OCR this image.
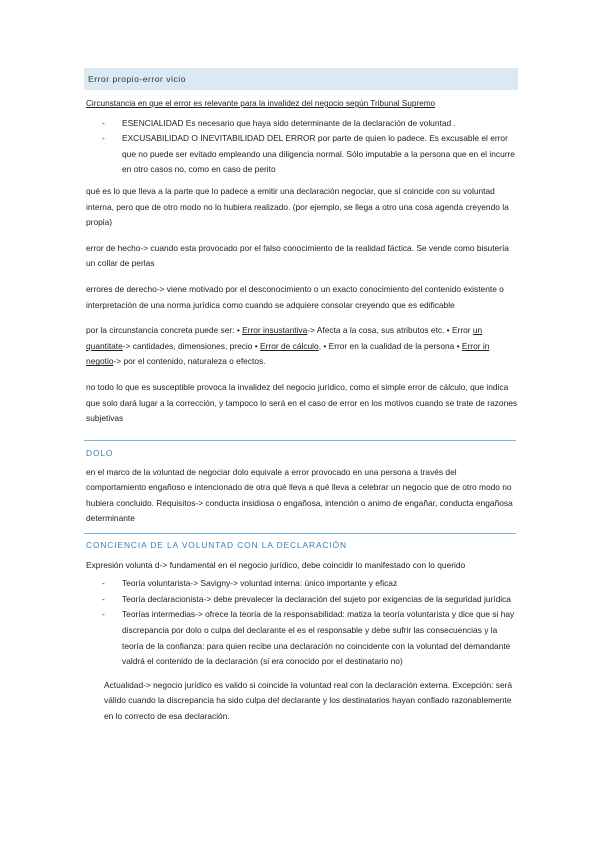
Error propio-error vicio
Circunstancia en que el error es relevante para la invalidez del negocio según Tribunal Supremo
- ESENCIALIDAD Es necesario que haya sido determinante de la declaración de voluntad .
- EXCUSABILIDAD O INEVITABILIDAD DEL ERROR por parte de quien lo padece. Es excusable el error que no puede ser evitado empleando una diligencia normal. Sólo imputable a la persona que en el incurre en otro casos no, como en caso de perito

qué es lo que lleva a la parte que lo padece a emitir una declaración negociar, que sí coincide con su voluntad interna, pero que de otro modo no lo hubiera realizado. (por ejemplo, se llega a otro una cosa agenda creyendo la propia)

error de hecho-> cuando esta provocado por el falso conocimiento de la realidad fáctica. Se vende como bisutería un collar de perlas

errores de derecho-> viene motivado por el desconocimiento o un exacto conocimiento del contenido existente o interpretación de una norma jurídica como cuando se adquiere consolar creyendo que es edificable

por la circunstancia concreta puede ser: • Error insustantiva-> Afecta a la cosa, sus atributos etc. • Error un quantitate-> cantidades, dimensiones, precio • Error de cálculo, • Error en la cualidad de la persona • Error in negotio-> por el contenido, naturaleza o efectos.

no todo lo que es susceptible provoca la invalidez del negocio jurídico, como el simple error de cálculo, que indica que solo dará lugar a la corrección, y tampoco lo será en el caso de error en los motivos cuando se trate de razones subjetivas

DOLO

en el marco de la voluntad de negociar dolo equivale a error provocado en una persona a través del comportamiento engañoso e intencionado de otra qué lleva a qué lleva a celebrar un negocio que de otro modo no hubiera concluido. Requisitos-> conducta insidiosa o engañosa, intención o animo de engañar, conducta engañosa determinante

CONCIENCIA DE LA VOLUNTAD CON LA DECLARACIÓN

Expresión volunta d-> fundamental en el negocio jurídico, debe coincidir lo manifestado con lo querido

- Teoría voluntarista-> Savigny-> voluntad interna: único importante y eficaz
- Teoría declaracionista-> debe prevalecer la declaración del sujeto por exigencias de la seguridad jurídica
- Teorías intermedias-> ofrece la teoría de la responsabilidad: matiza la teoría voluntarista y dice que si hay discrepancia por dolo o culpa del declarante el es el responsable y debe sufrir las consecuencias y la teoría de la confianza: para quien recibe una declaración no coincidente con la voluntad del demandante valdrá el contenido de la declaración (si era conocido por el destinatario no)

Actualidad-> negocio jurídico es valido si coincide la voluntad real con la declaración externa. Excepción: será válido cuando la discrepancia ha sido culpa del declarante y los destinatarios hayan confiado razonablemente en lo correcto de esa declaración.
